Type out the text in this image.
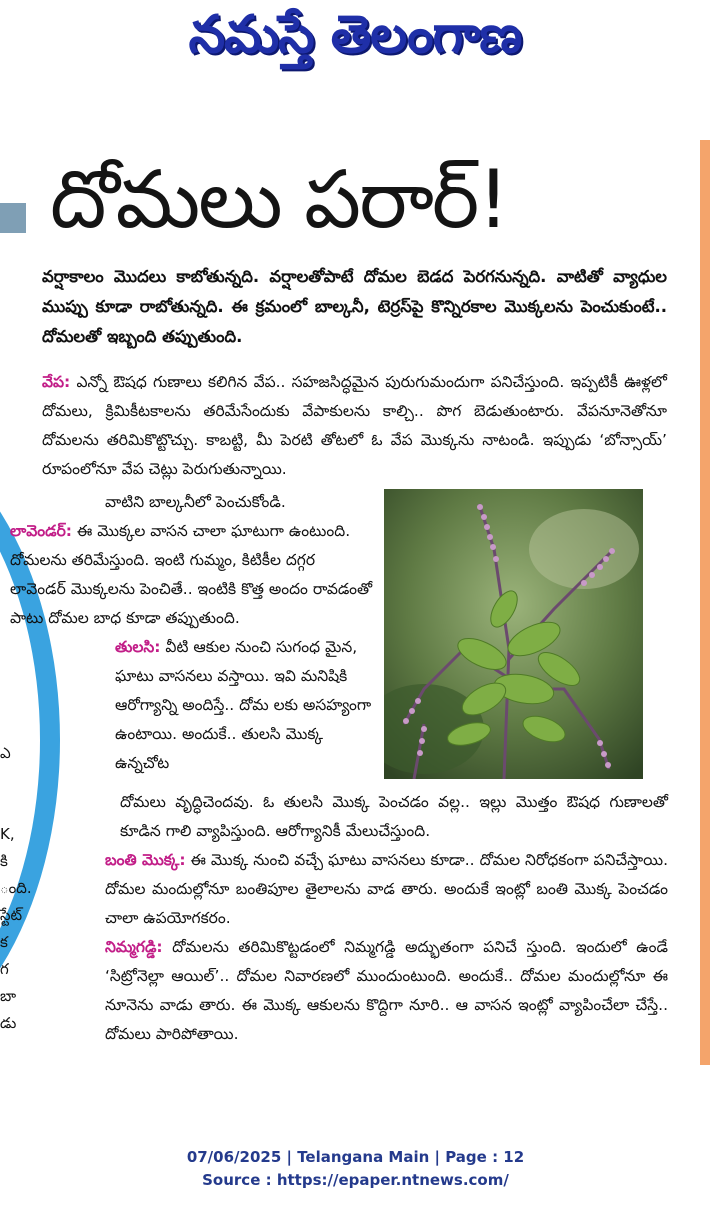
నమస్తే తెలంగాణ
దోమలు పరార్!
వర్షాకాలం మొదలు కాబోతున్నది. వర్షాలతోపాటే దోమల బెడద పెరగనున్నది. వాటితో వ్యాధుల ముప్పు కూడా రాబోతున్నది. ఈ క్రమంలో బాల్కనీ, టెర్రస్‌పై కొన్నిరకాల మొక్కలను పెంచుకుంటే.. దోమలతో ఇబ్బంది తప్పుతుంది.
వేప: ఎన్నో ఔషధ గుణాలు కలిగిన వేప.. సహజసిద్ధమైన పురుగుమందుగా పనిచేస్తుంది. ఇప్పటికీ ఊళ్లలో దోమలు, క్రిమికీటకాలను తరిమేసేందుకు వేపాకులను కాల్చి.. పొగ బెడుతుంటారు. వేపనూనెతోనూ దోమలను తరిమికొట్టొచ్చు. కాబట్టి, మీ పెరటి తోటలో ఓ వేప మొక్కను నాటండి. ఇప్పుడు ‘బోన్సాయ్’ రూపంలోనూ వేప చెట్లు పెరుగుతున్నాయి.
వాటిని బాల్కనీలో పెంచుకోండి.
లావెండర్: ఈ మొక్కల వాసన చాలా ఘాటుగా ఉంటుంది. దోమలను తరిమేస్తుంది. ఇంటి గుమ్మం, కిటికీల దగ్గర లావెండర్ మొక్కలను పెంచితే.. ఇంటికి కొత్త అందం రావడంతో పాటు దోమల బాధ కూడా తప్పుతుంది.
తులసి: వీటి ఆకుల నుంచి సుగంధ మైన, ఘాటు వాసనలు వస్తాయి. ఇవి మనిషికి ఆరోగ్యాన్ని అందిస్తే.. దోమ లకు అసహ్యంగా ఉంటాయి. అందుకే.. తులసి మొక్క ఉన్నచోట
దోమలు వృద్ధిచెందవు. ఓ తులసి మొక్క పెంచడం వల్ల.. ఇల్లు మొత్తం ఔషధ గుణాలతో కూడిన గాలి వ్యాపిస్తుంది. ఆరోగ్యానికీ మేలుచేస్తుంది.
బంతి మొక్క: ఈ మొక్క నుంచి వచ్చే ఘాటు వాసనలు కూడా.. దోమల నిరోధకంగా పనిచేస్తాయి. దోమల మందుల్లోనూ బంతిపూల తైలాలను వాడ తారు. అందుకే ఇంట్లో బంతి మొక్క పెంచడం చాలా ఉపయోగకరం.
నిమ్మగడ్డి: దోమలను తరిమికొట్టడంలో నిమ్మగడ్డి అద్భుతంగా పనిచే స్తుంది. ఇందులో ఉండే ‘సిట్రోనెల్లా ఆయిల్’.. దోమల నివారణలో ముందుంటుంది. అందుకే.. దోమల మందుల్లోనూ ఈ నూనెను వాడు తారు. ఈ మొక్క ఆకులను కొద్దిగా నూరి.. ఆ వాసన ఇంట్లో వ్యాపించేలా చేస్తే.. దోమలు పారిపోతాయి.
ఎ
K,
కి
ంది.
స్టేట్
క
గ
బా
డు
07/06/2025 | Telangana Main | Page : 12
Source : https://epaper.ntnews.com/
